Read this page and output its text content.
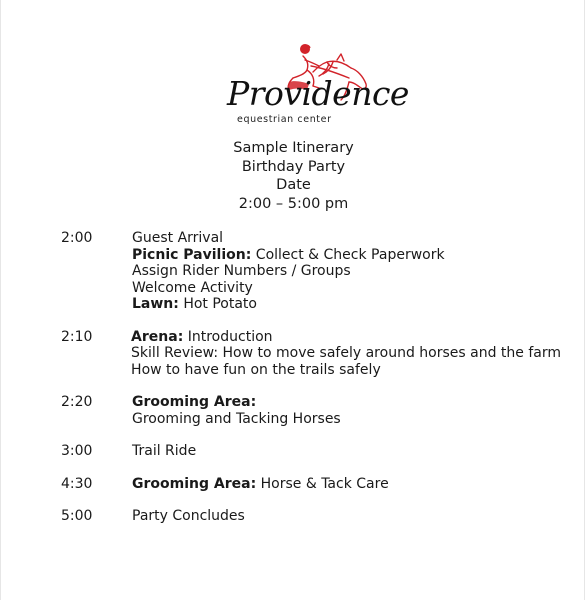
Providence
equestrian center
Sample Itinerary
Birthday Party
Date
2:00 – 5:00 pm
2:00	Guest Arrival
Picnic Pavilion: Collect & Check Paperwork
Assign Rider Numbers / Groups
Welcome Activity
Lawn: Hot Potato
2:10	Arena: Introduction
Skill Review: How to move safely around horses and the farm
How to have fun on the trails safely
2:20	Grooming Area:
Grooming and Tacking Horses
3:00	Trail Ride
4:30	Grooming Area: Horse & Tack Care
5:00	Party Concludes
